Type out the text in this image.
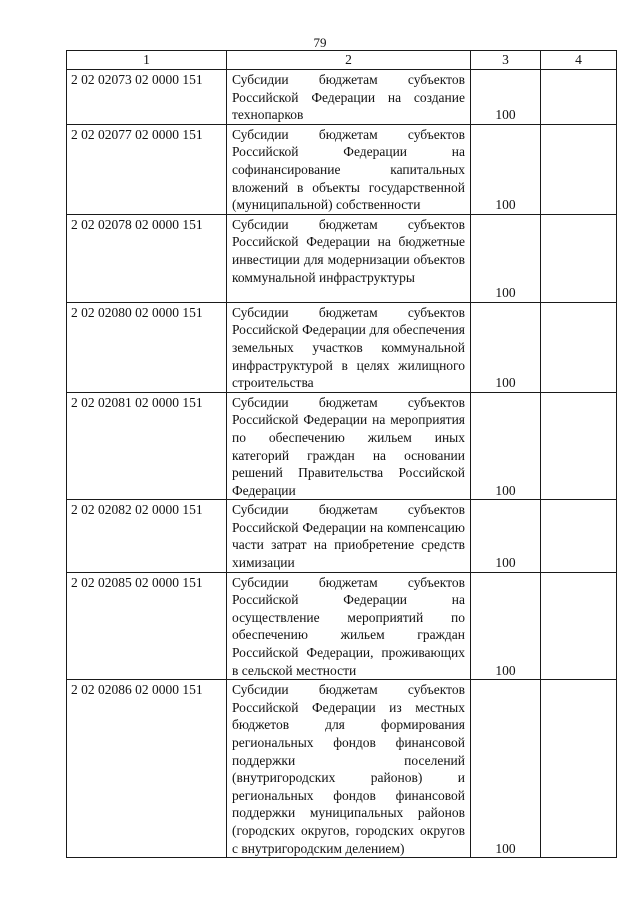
79
1	2	3	4
2 02 02073 02 0000 151	Субсидии бюджетам субъектов Российской Федерации на создание технопарков	100	
2 02 02077 02 0000 151	Субсидии бюджетам субъектов Российской Федерации на софинансирование капитальных вложений в объекты государственной (муниципальной) собственности	100	
2 02 02078 02 0000 151	Субсидии бюджетам субъектов Российской Федерации на бюджетные инвестиции для модернизации объектов коммунальной инфраструктуры	100	
2 02 02080 02 0000 151	Субсидии бюджетам субъектов Российской Федерации для обеспечения земельных участков коммунальной инфраструктурой в целях жилищного строительства	100	
2 02 02081 02 0000 151	Субсидии бюджетам субъектов Российской Федерации на мероприятия по обеспечению жильем иных категорий граждан на основании решений Правительства Российской Федерации	100	
2 02 02082 02 0000 151	Субсидии бюджетам субъектов Российской Федерации на компенсацию части затрат на приобретение средств химизации	100	
2 02 02085 02 0000 151	Субсидии бюджетам субъектов Российской Федерации на осуществление мероприятий по обеспечению жильем граждан Российской Федерации, проживающих в сельской местности	100	
2 02 02086 02 0000 151	Субсидии бюджетам субъектов Российской Федерации из местных бюджетов для формирования региональных фондов финансовой поддержки поселений (внутригородских районов) и региональных фондов финансовой поддержки муниципальных районов (городских округов, городских округов с внутригородским делением)	100	
